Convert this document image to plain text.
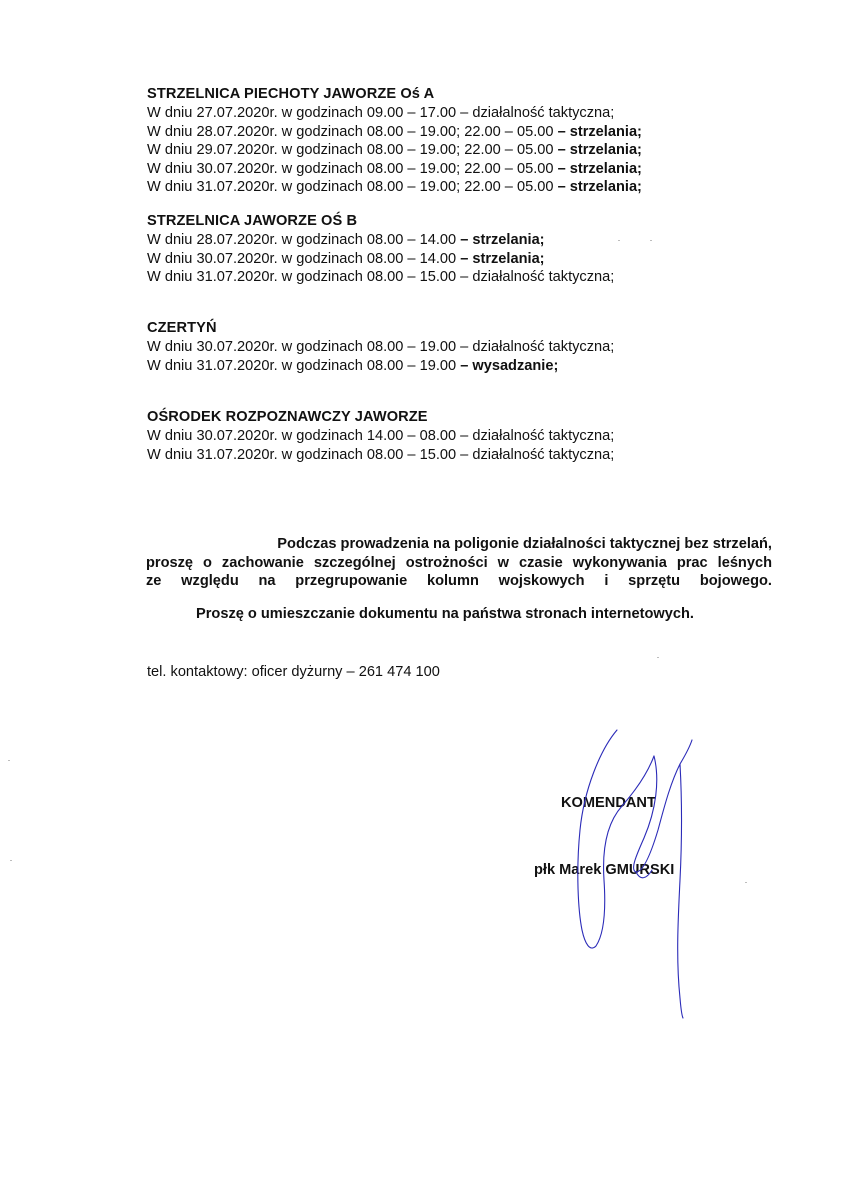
STRZELNICA PIECHOTY JAWORZE Oś A
W dniu 27.07.2020r. w godzinach 09.00 – 17.00 – działalność taktyczna;
W dniu 28.07.2020r. w godzinach 08.00 – 19.00; 22.00 – 05.00 – strzelania;
W dniu 29.07.2020r. w godzinach 08.00 – 19.00; 22.00 – 05.00 – strzelania;
W dniu 30.07.2020r. w godzinach 08.00 – 19.00; 22.00 – 05.00 – strzelania;
W dniu 31.07.2020r. w godzinach 08.00 – 19.00; 22.00 – 05.00 – strzelania;
STRZELNICA JAWORZE OŚ B
W dniu 28.07.2020r. w godzinach 08.00 – 14.00 – strzelania;
W dniu 30.07.2020r. w godzinach 08.00 – 14.00 – strzelania;
W dniu 31.07.2020r. w godzinach 08.00 – 15.00 – działalność taktyczna;
CZERTYŃ
W dniu 30.07.2020r. w godzinach 08.00 – 19.00 – działalność taktyczna;
W dniu 31.07.2020r. w godzinach 08.00 – 19.00 – wysadzanie;
OŚRODEK ROZPOZNAWCZY JAWORZE
W dniu 30.07.2020r. w godzinach 14.00 – 08.00 – działalność taktyczna;
W dniu 31.07.2020r. w godzinach 08.00 – 15.00 – działalność taktyczna;
Podczas prowadzenia na poligonie działalności taktycznej bez strzelań,
proszę o zachowanie szczególnej ostrożności w czasie wykonywania prac leśnych
ze względu na przegrupowanie kolumn wojskowych i sprzętu bojowego.
Proszę o umieszczanie dokumentu na państwa stronach internetowych.
tel. kontaktowy: oficer dyżurny – 261 474 100
KOMENDANT
płk Marek GMURSKI
